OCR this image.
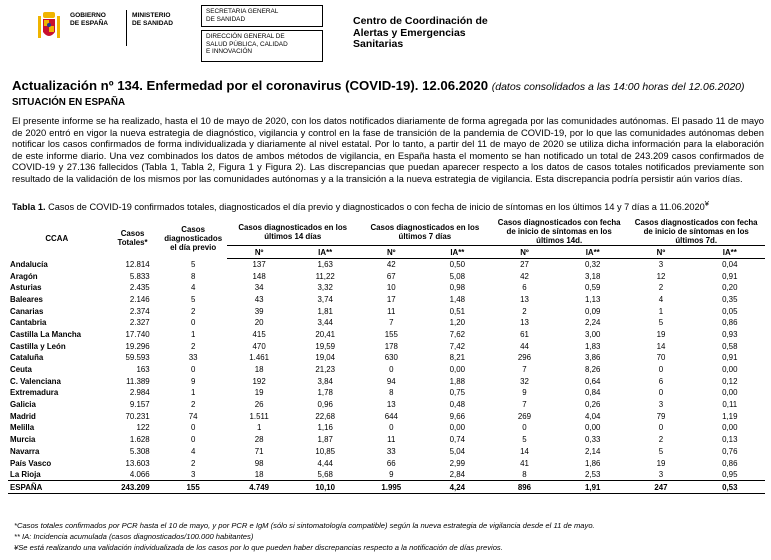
GOBIERNO
DE ESPAÑA
MINISTERIO
DE SANIDAD
SECRETARIA GENERAL
DE SANIDAD
DIRECCIÓN GENERAL DE
SALUD PÚBLICA, CALIDAD
E INNOVACIÓN
Centro de Coordinación de
Alertas y Emergencias
Sanitarias
Actualización nº 134. Enfermedad por el coronavirus (COVID-19). 12.06.2020 (datos consolidados a las 14:00 horas del 12.06.2020)
SITUACIÓN EN ESPAÑA
El presente informe se ha realizado, hasta el 10 de mayo de 2020, con los datos notificados diariamente de forma agregada por las comunidades autónomas. El pasado 11 de mayo de 2020 entró en vigor la nueva estrategia de diagnóstico, vigilancia y control en la fase de transición de la pandemia de COVID-19, por lo que las comunidades autónomas deben notificar los casos confirmados de forma individualizada y diariamente al nivel estatal. Por lo tanto, a partir del 11 de mayo de 2020 se utiliza dicha información para la elaboración de este informe diario. Una vez combinados los datos de ambos métodos de vigilancia, en España hasta el momento se han notificado un total de 243.209 casos confirmados de COVID-19 y 27.136 fallecidos (Tabla 1, Tabla 2, Figura 1 y Figura 2). Las discrepancias que puedan aparecer respecto a los datos de casos totales notificados previamente son resultado de la validación de los mismos por las comunidades autónomas y a la transición a la nueva estrategia de vigilancia. Esta discrepancia podría persistir aún varios días.
Tabla 1. Casos de COVID-19 confirmados totales, diagnosticados el día previo y diagnosticados o con fecha de inicio de síntomas en los últimos 14 y 7 días a 11.06.2020¥
CCAA	Casos Totales*	Casos diagnosticados el día previo	Casos diagnosticados en los últimos 14 días		Casos diagnosticados en los últimos 7 días		Casos diagnosticados con fecha de inicio de síntomas en los últimos 14d.		Casos diagnosticados con fecha de inicio de síntomas en los últimos 7d.	
			Nº	IA**	Nº	IA**	Nº	IA**	Nº	IA**
Andalucía	12.814	5	137	1,63	42	0,50	27	0,32	3	0,04
Aragón	5.833	8	148	11,22	67	5,08	42	3,18	12	0,91
Asturias	2.435	4	34	3,32	10	0,98	6	0,59	2	0,20
Baleares	2.146	5	43	3,74	17	1,48	13	1,13	4	0,35
Canarias	2.374	2	39	1,81	11	0,51	2	0,09	1	0,05
Cantabria	2.327	0	20	3,44	7	1,20	13	2,24	5	0,86
Castilla La Mancha	17.740	1	415	20,41	155	7,62	61	3,00	19	0,93
Castilla y León	19.296	2	470	19,59	178	7,42	44	1,83	14	0,58
Cataluña	59.593	33	1.461	19,04	630	8,21	296	3,86	70	0,91
Ceuta	163	0	18	21,23	0	0,00	7	8,26	0	0,00
C. Valenciana	11.389	9	192	3,84	94	1,88	32	0,64	6	0,12
Extremadura	2.984	1	19	1,78	8	0,75	9	0,84	0	0,00
Galicia	9.157	2	26	0,96	13	0,48	7	0,26	3	0,11
Madrid	70.231	74	1.511	22,68	644	9,66	269	4,04	79	1,19
Melilla	122	0	1	1,16	0	0,00	0	0,00	0	0,00
Murcia	1.628	0	28	1,87	11	0,74	5	0,33	2	0,13
Navarra	5.308	4	71	10,85	33	5,04	14	2,14	5	0,76
País Vasco	13.603	2	98	4,44	66	2,99	41	1,86	19	0,86
La Rioja	4.066	3	18	5,68	9	2,84	8	2,53	3	0,95
ESPAÑA	243.209	155	4.749	10,10	1.995	4,24	896	1,91	247	0,53
*Casos totales confirmados por PCR hasta el 10 de mayo, y por PCR e IgM (sólo si sintomatología compatible) según la nueva estrategia de vigilancia desde el 11 de mayo.
** IA: Incidencia acumulada (casos diagnosticados/100.000 habitantes)
¥Se está realizando una validación individualizada de los casos por lo que pueden haber discrepancias respecto a la notificación de días previos.
